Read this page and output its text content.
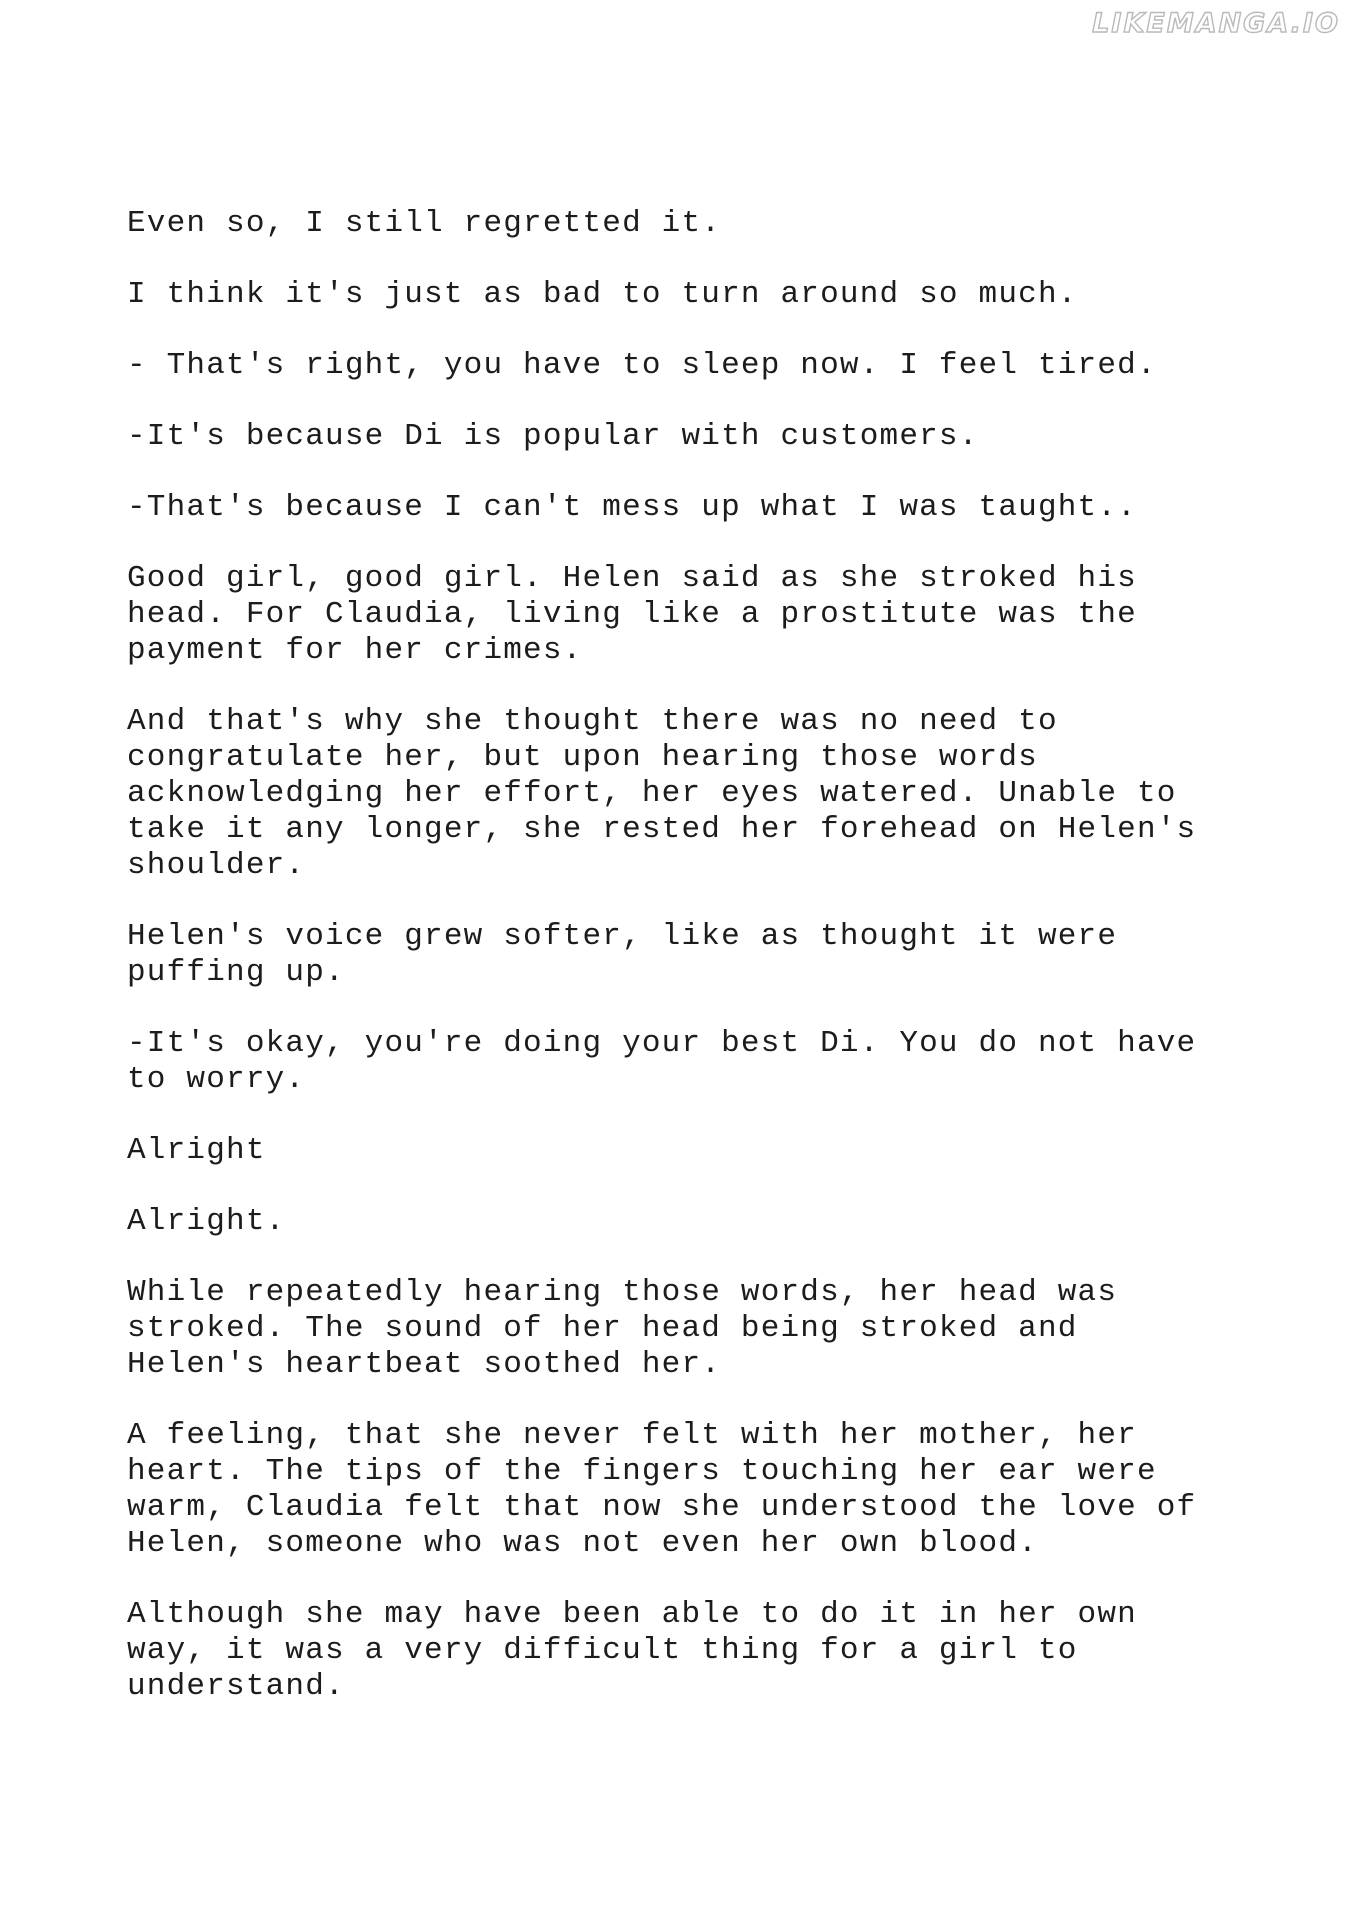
LIKEMANGA.IO

Even so, I still regretted it.

I think it's just as bad to turn around so much.

- That's right, you have to sleep now. I feel tired.

-It's because Di is popular with customers.

-That's because I can't mess up what I was taught..

Good girl, good girl. Helen said as she stroked his
head. For Claudia, living like a prostitute was the
payment for her crimes.

And that's why she thought there was no need to
congratulate her, but upon hearing those words
acknowledging her effort, her eyes watered. Unable to
take it any longer, she rested her forehead on Helen's
shoulder.

Helen's voice grew softer, like as thought it were
puffing up.

-It's okay, you're doing your best Di. You do not have
to worry.

Alright

Alright.

While repeatedly hearing those words, her head was
stroked. The sound of her head being stroked and
Helen's heartbeat soothed her.

A feeling, that she never felt with her mother, her
heart. The tips of the fingers touching her ear were
warm, Claudia felt that now she understood the love of
Helen, someone who was not even her own blood.

Although she may have been able to do it in her own
way, it was a very difficult thing for a girl to
understand.
